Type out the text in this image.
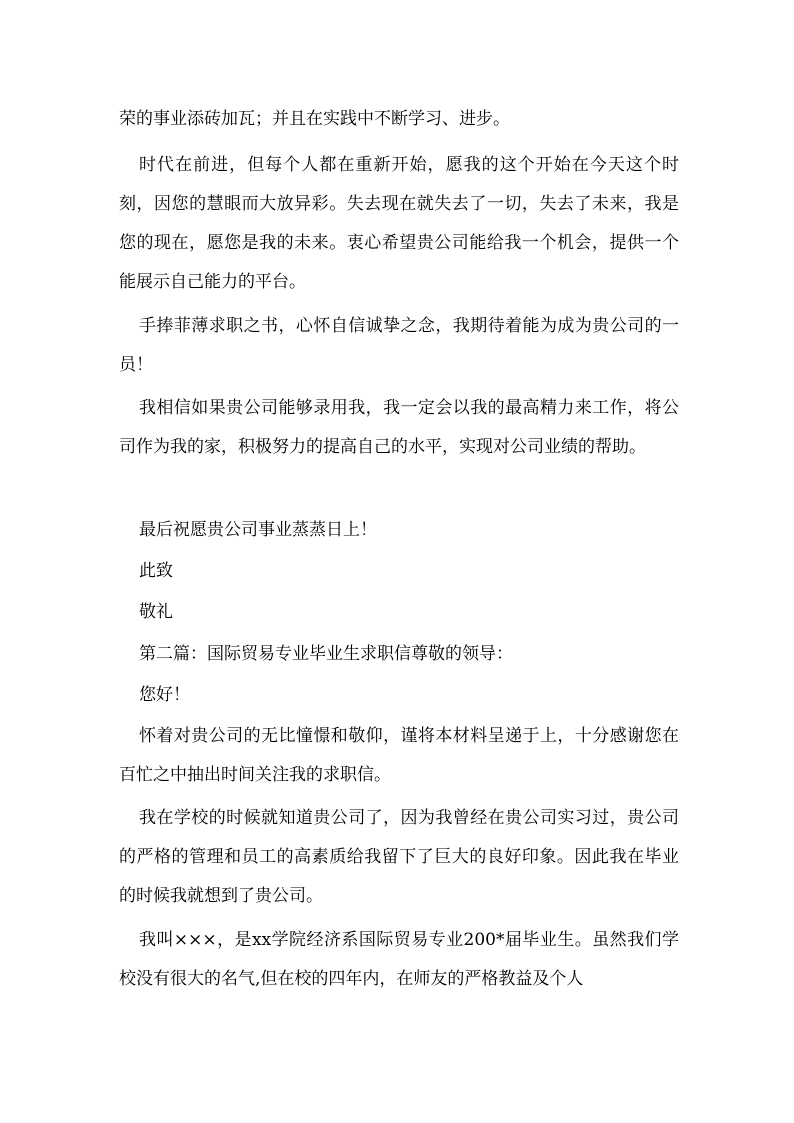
荣的事业添砖加瓦；并且在实践中不断学习、进步。

时代在前进，但每个人都在重新开始，愿我的这个开始在今天这个时刻，因您的慧眼而大放异彩。失去现在就失去了一切，失去了未来，我是您的现在，愿您是我的未来。衷心希望贵公司能给我一个机会，提供一个能展示自己能力的平台。

手捧菲薄求职之书，心怀自信诚挚之念，我期待着能为成为贵公司的一员！

我相信如果贵公司能够录用我，我一定会以我的最高精力来工作，将公司作为我的家，积极努力的提高自己的水平，实现对公司业绩的帮助。

最后祝愿贵公司事业蒸蒸日上！

此致

敬礼

第二篇：国际贸易专业毕业生求职信尊敬的领导：

您好！

怀着对贵公司的无比憧憬和敬仰，谨将本材料呈递于上，十分感谢您在百忙之中抽出时间关注我的求职信。

我在学校的时候就知道贵公司了，因为我曾经在贵公司实习过，贵公司的严格的管理和员工的高素质给我留下了巨大的良好印象。因此我在毕业的时候我就想到了贵公司。

我叫×××，是xx学院经济系国际贸易专业200*届毕业生。虽然我们学校没有很大的名气,但在校的四年内，在师友的严格教益及个人
